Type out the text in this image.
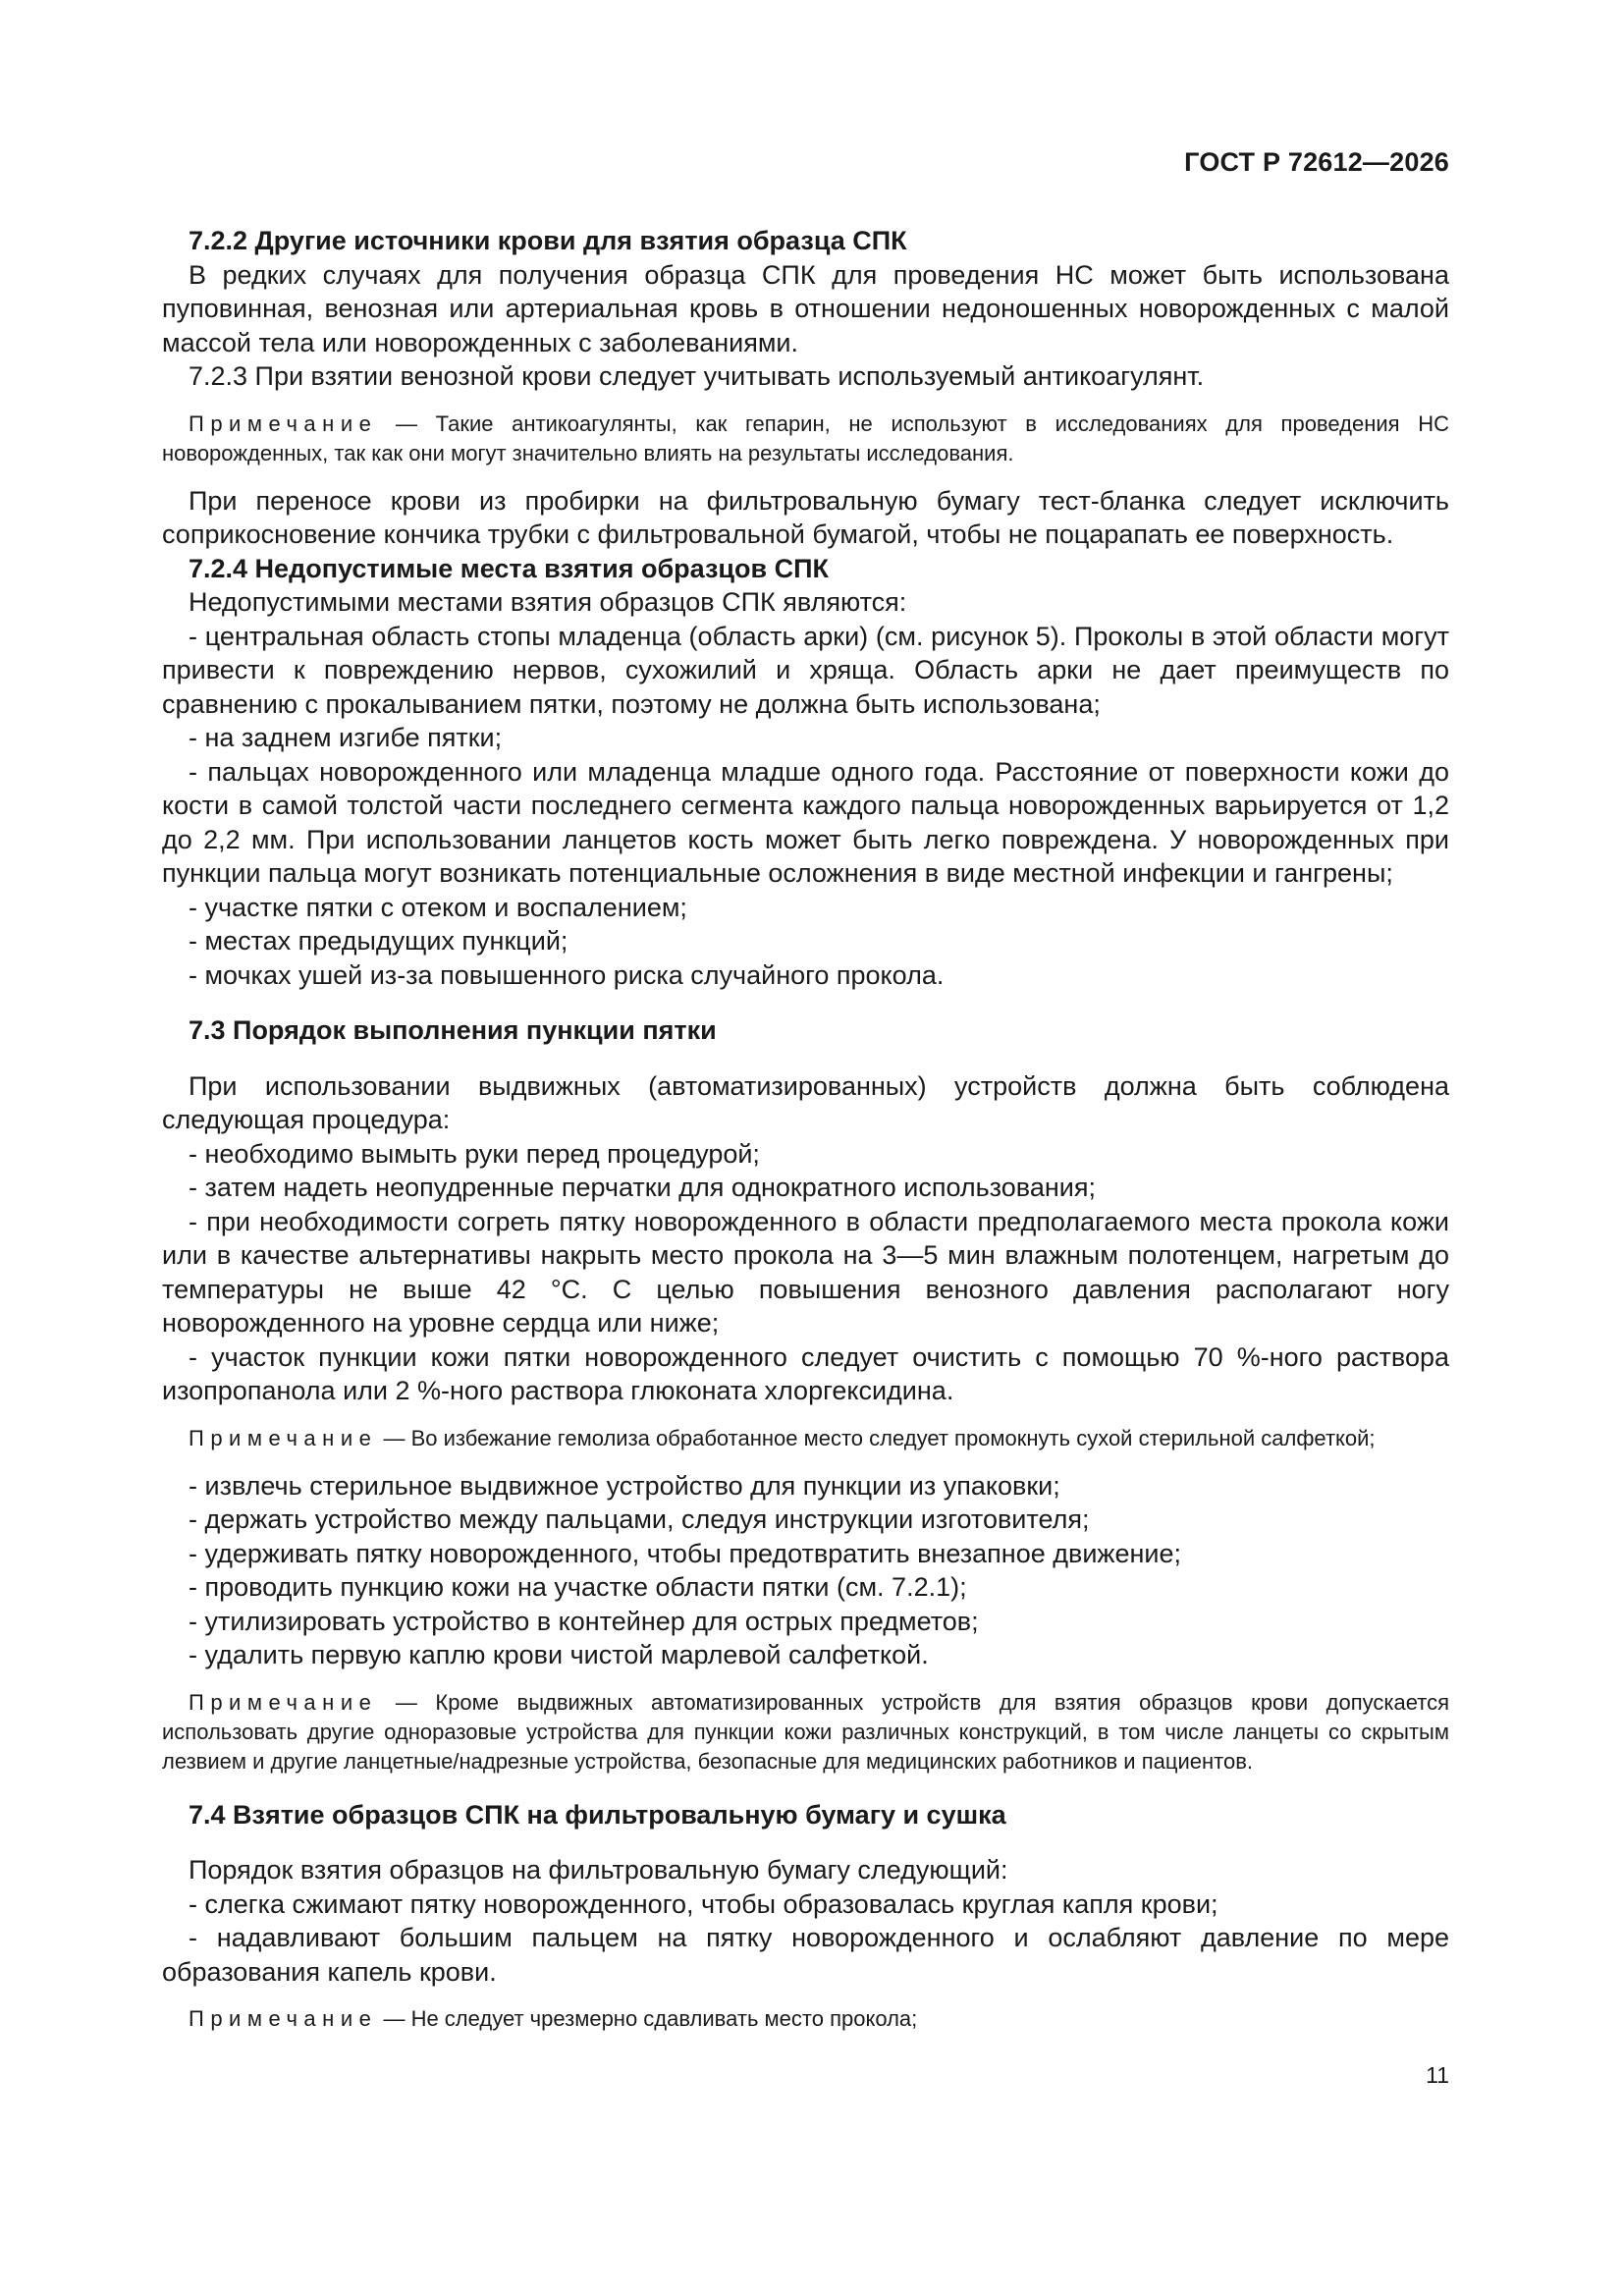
ГОСТ Р 72612—2026

7.2.2 Другие источники крови для взятия образца СПК

В редких случаях для получения образца СПК для проведения НС может быть использована пуповинная, венозная или артериальная кровь в отношении недоношенных новорожденных с малой массой тела или новорожденных с заболеваниями.

7.2.3 При взятии венозной крови следует учитывать используемый антикоагулянт.

Примечание — Такие антикоагулянты, как гепарин, не используют в исследованиях для проведения НС новорожденных, так как они могут значительно влиять на результаты исследования.

При переносе крови из пробирки на фильтровальную бумагу тест-бланка следует исключить соприкосновение кончика трубки с фильтровальной бумагой, чтобы не поцарапать ее поверхность.

7.2.4 Недопустимые места взятия образцов СПК

Недопустимыми местами взятия образцов СПК являются:

- центральная область стопы младенца (область арки) (см. рисунок 5). Проколы в этой области могут привести к повреждению нервов, сухожилий и хряща. Область арки не дает преимуществ по сравнению с прокалыванием пятки, поэтому не должна быть использована;

- на заднем изгибе пятки;

- пальцах новорожденного или младенца младше одного года. Расстояние от поверхности кожи до кости в самой толстой части последнего сегмента каждого пальца новорожденных варьируется от 1,2 до 2,2 мм. При использовании ланцетов кость может быть легко повреждена. У новорожденных при пункции пальца могут возникать потенциальные осложнения в виде местной инфекции и гангрены;

- участке пятки с отеком и воспалением;

- местах предыдущих пункций;

- мочках ушей из-за повышенного риска случайного прокола.

7.3 Порядок выполнения пункции пятки

При использовании выдвижных (автоматизированных) устройств должна быть соблюдена следующая процедура:

- необходимо вымыть руки перед процедурой;

- затем надеть неопудренные перчатки для однократного использования;

- при необходимости согреть пятку новорожденного в области предполагаемого места прокола кожи или в качестве альтернативы накрыть место прокола на 3—5 мин влажным полотенцем, нагретым до температуры не выше 42 °С. С целью повышения венозного давления располагают ногу новорожденного на уровне сердца или ниже;

- участок пункции кожи пятки новорожденного следует очистить с помощью 70 %-ного раствора изопропанола или 2 %-ного раствора глюконата хлоргексидина.

Примечание — Во избежание гемолиза обработанное место следует промокнуть сухой стерильной салфеткой;

- извлечь стерильное выдвижное устройство для пункции из упаковки;

- держать устройство между пальцами, следуя инструкции изготовителя;

- удерживать пятку новорожденного, чтобы предотвратить внезапное движение;

- проводить пункцию кожи на участке области пятки (см. 7.2.1);

- утилизировать устройство в контейнер для острых предметов;

- удалить первую каплю крови чистой марлевой салфеткой.

Примечание — Кроме выдвижных автоматизированных устройств для взятия образцов крови допускается использовать другие одноразовые устройства для пункции кожи различных конструкций, в том числе ланцеты со скрытым лезвием и другие ланцетные/надрезные устройства, безопасные для медицинских работников и пациентов.

7.4 Взятие образцов СПК на фильтровальную бумагу и сушка

Порядок взятия образцов на фильтровальную бумагу следующий:

- слегка сжимают пятку новорожденного, чтобы образовалась круглая капля крови;

- надавливают большим пальцем на пятку новорожденного и ослабляют давление по мере образования капель крови.

Примечание — Не следует чрезмерно сдавливать место прокола;

11
